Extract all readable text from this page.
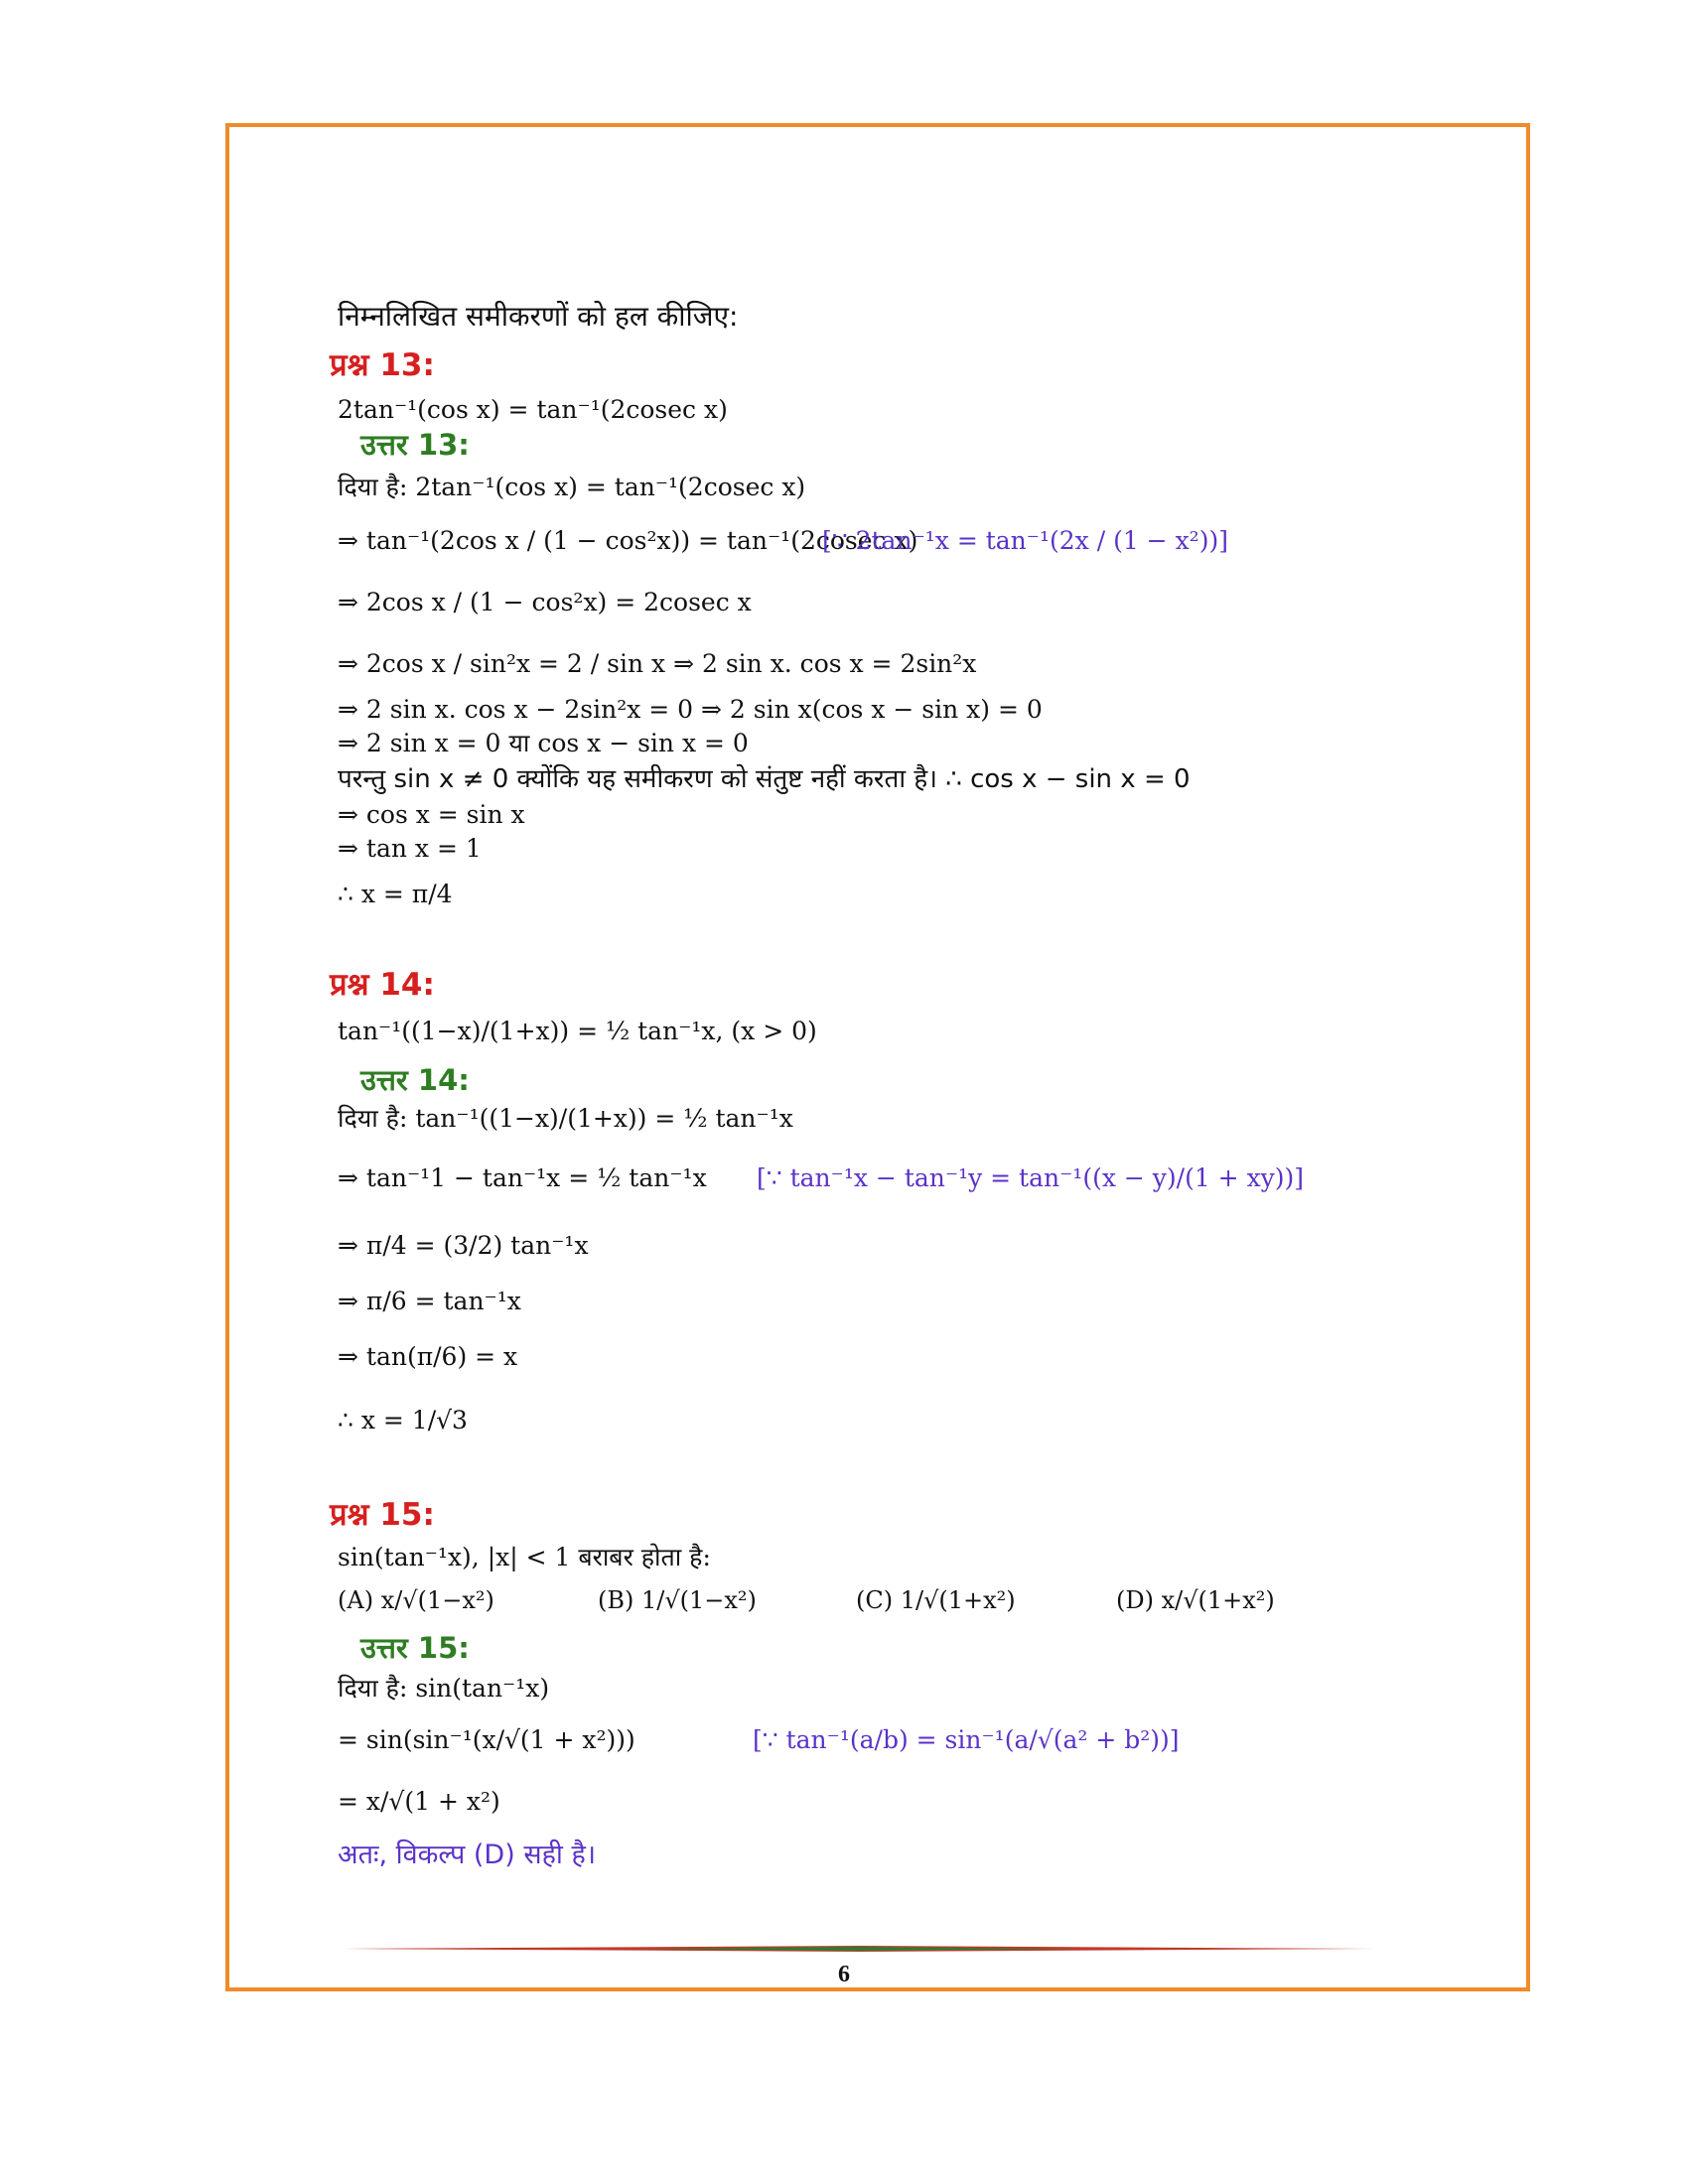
निम्नलिखित समीकरणों को हल कीजिए:
प्रश्न 13:
2tan⁻¹(cos x) = tan⁻¹(2cosec x)
उत्तर 13:
दिया है: 2tan⁻¹(cos x) = tan⁻¹(2cosec x)
⇒ tan⁻¹(2cos x / (1 − cos²x)) = tan⁻¹(2cosec x)
[∵ 2tan⁻¹x = tan⁻¹(2x / (1 − x²))]
⇒ 2cos x / (1 − cos²x) = 2cosec x
⇒ 2cos x / sin²x = 2 / sin x ⇒ 2 sin x. cos x = 2sin²x
⇒ 2 sin x. cos x − 2sin²x = 0 ⇒ 2 sin x(cos x − sin x) = 0
⇒ 2 sin x = 0 या cos x − sin x = 0
परन्तु sin x ≠ 0 क्योंकि यह समीकरण को संतुष्ट नहीं करता है। ∴ cos x − sin x = 0
⇒ cos x = sin x
⇒ tan x = 1
∴ x = π/4
प्रश्न 14:
tan⁻¹((1−x)/(1+x)) = ½ tan⁻¹x, (x > 0)
उत्तर 14:
दिया है: tan⁻¹((1−x)/(1+x)) = ½ tan⁻¹x
⇒ tan⁻¹1 − tan⁻¹x = ½ tan⁻¹x [∵ tan⁻¹x − tan⁻¹y = tan⁻¹((x − y)/(1 + xy))]
⇒ π/4 = (3/2) tan⁻¹x
⇒ π/6 = tan⁻¹x
⇒ tan(π/6) = x
∴ x = 1/√3
प्रश्न 15:
sin(tan⁻¹x), |x| < 1 बराबर होता है:
(A) x/√(1−x²)	(B) 1/√(1−x²)	(C) 1/√(1+x²)	(D) x/√(1+x²)
उत्तर 15:
दिया है: sin(tan⁻¹x)
= sin(sin⁻¹(x/√(1 + x²)))	[∵ tan⁻¹(a/b) = sin⁻¹(a/√(a² + b²))]
= x/√(1 + x²)
अतः, विकल्प (D) सही है।
6
